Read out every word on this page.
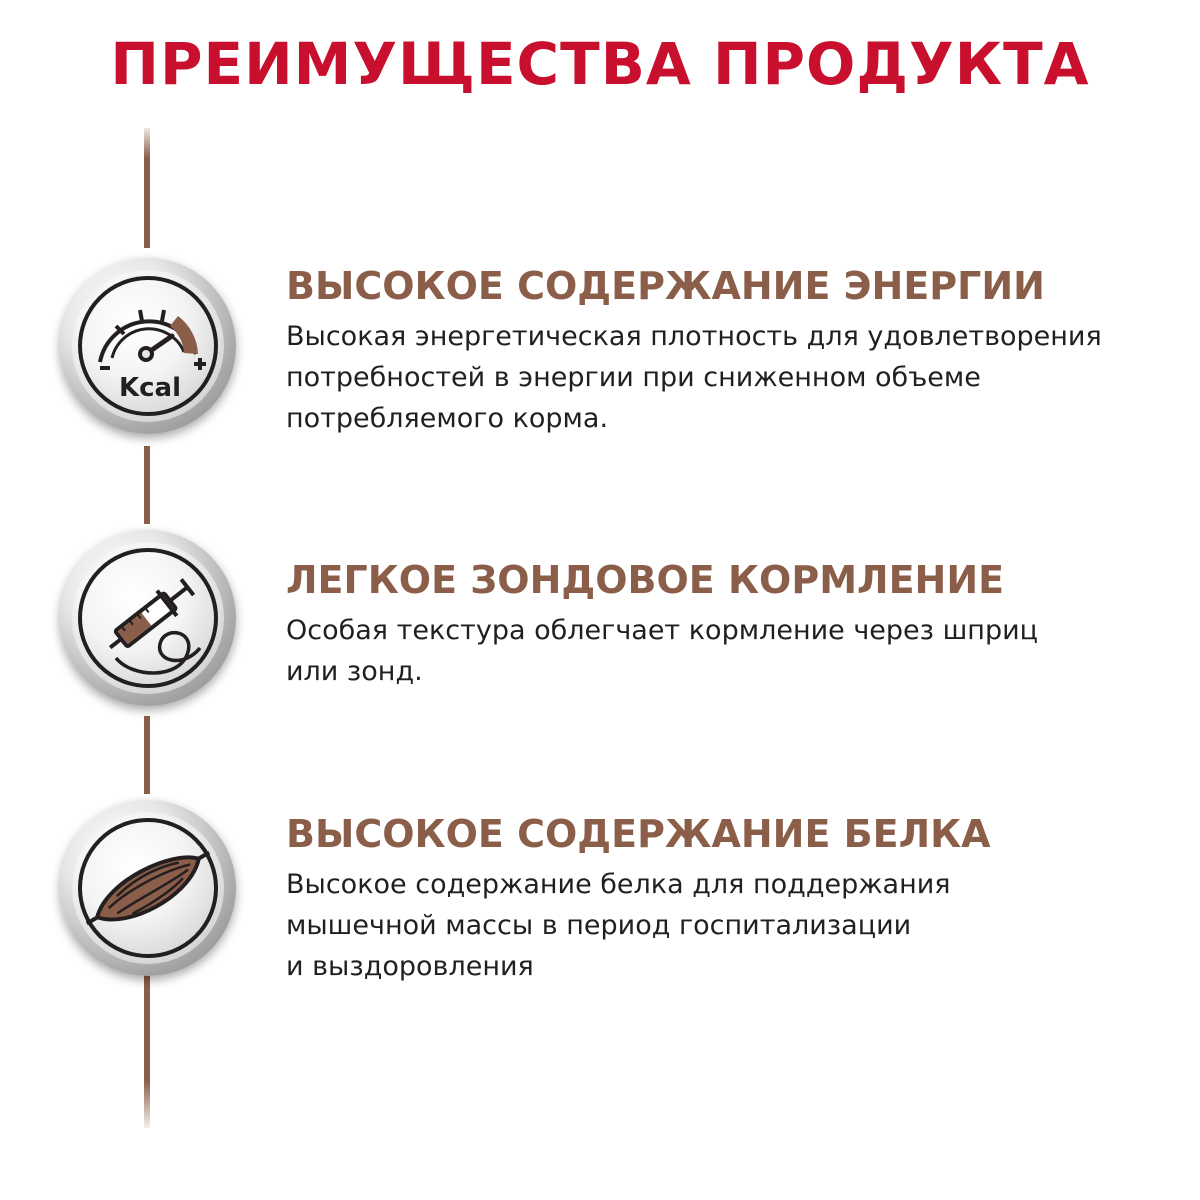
ПРЕИМУЩЕСТВА ПРОДУКТА
Kcal
ВЫСОКОЕ СОДЕРЖАНИЕ ЭНЕРГИИ
Высокая энергетическая плотность для удовлетворения
потребностей в энергии при сниженном объеме
потребляемого корма.
ЛЕГКОЕ ЗОНДОВОЕ КОРМЛЕНИЕ
Особая текстура облегчает кормление через шприц
или зонд.
ВЫСОКОЕ СОДЕРЖАНИЕ БЕЛКА
Высокое содержание белка для поддержания
мышечной массы в период госпитализации
и выздоровления
